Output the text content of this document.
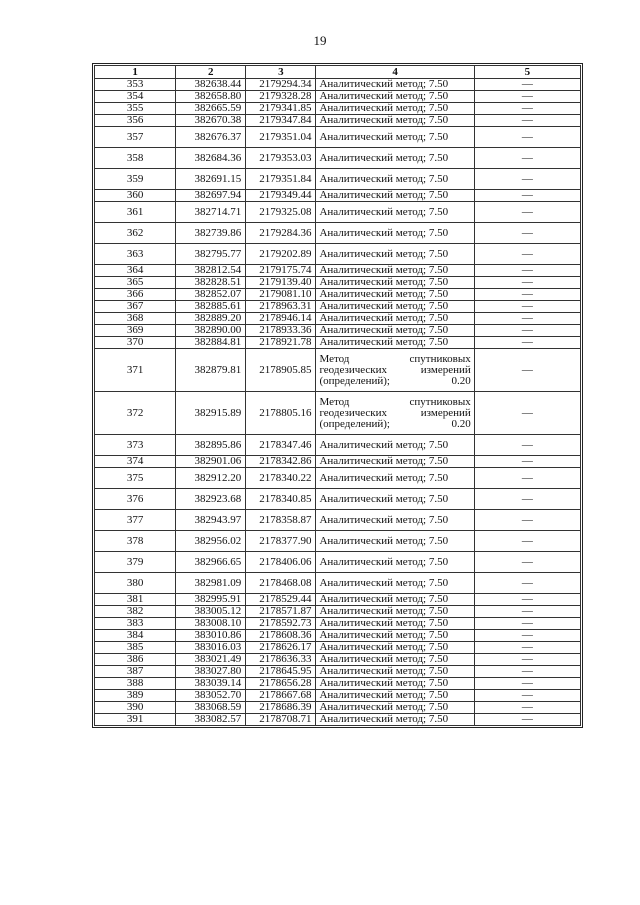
19
1	2	3	4	5
353	382638.44	2179294.34	Аналитический метод; 7.50	—
354	382658.80	2179328.28	Аналитический метод; 7.50	—
355	382665.59	2179341.85	Аналитический метод; 7.50	—
356	382670.38	2179347.84	Аналитический метод; 7.50	—
357	382676.37	2179351.04	Аналитический метод; 7.50	—
358	382684.36	2179353.03	Аналитический метод; 7.50	—
359	382691.15	2179351.84	Аналитический метод; 7.50	—
360	382697.94	2179349.44	Аналитический метод; 7.50	—
361	382714.71	2179325.08	Аналитический метод; 7.50	—
362	382739.86	2179284.36	Аналитический метод; 7.50	—
363	382795.77	2179202.89	Аналитический метод; 7.50	—
364	382812.54	2179175.74	Аналитический метод; 7.50	—
365	382828.51	2179139.40	Аналитический метод; 7.50	—
366	382852.07	2179081.10	Аналитический метод; 7.50	—
367	382885.61	2178963.31	Аналитический метод; 7.50	—
368	382889.20	2178946.14	Аналитический метод; 7.50	—
369	382890.00	2178933.36	Аналитический метод; 7.50	—
370	382884.81	2178921.78	Аналитический метод; 7.50	—
371	382879.81	2178905.85	Метод спутниковых геодезических измерений (определений); 0.20	—
372	382915.89	2178805.16	Метод спутниковых геодезических измерений (определений); 0.20	—
373	382895.86	2178347.46	Аналитический метод; 7.50	—
374	382901.06	2178342.86	Аналитический метод; 7.50	—
375	382912.20	2178340.22	Аналитический метод; 7.50	—
376	382923.68	2178340.85	Аналитический метод; 7.50	—
377	382943.97	2178358.87	Аналитический метод; 7.50	—
378	382956.02	2178377.90	Аналитический метод; 7.50	—
379	382966.65	2178406.06	Аналитический метод; 7.50	—
380	382981.09	2178468.08	Аналитический метод; 7.50	—
381	382995.91	2178529.44	Аналитический метод; 7.50	—
382	383005.12	2178571.87	Аналитический метод; 7.50	—
383	383008.10	2178592.73	Аналитический метод; 7.50	—
384	383010.86	2178608.36	Аналитический метод; 7.50	—
385	383016.03	2178626.17	Аналитический метод; 7.50	—
386	383021.49	2178636.33	Аналитический метод; 7.50	—
387	383027.80	2178645.95	Аналитический метод; 7.50	—
388	383039.14	2178656.28	Аналитический метод; 7.50	—
389	383052.70	2178667.68	Аналитический метод; 7.50	—
390	383068.59	2178686.39	Аналитический метод; 7.50	—
391	383082.57	2178708.71	Аналитический метод; 7.50	—
